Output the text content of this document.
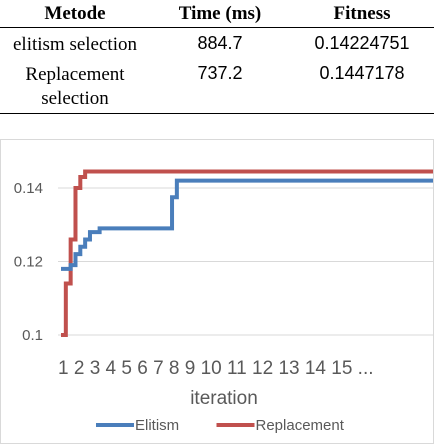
Metode	Time (ms)	Fitness
elitism selection	884.7	0.14224751
Replacement selection	737.2	0.1447178
0.1
0.12
0.14
1 2 3 4 5 6 7 8 9 10 11 12 13 14 15 ...
iteration
Elitism	Replacement
